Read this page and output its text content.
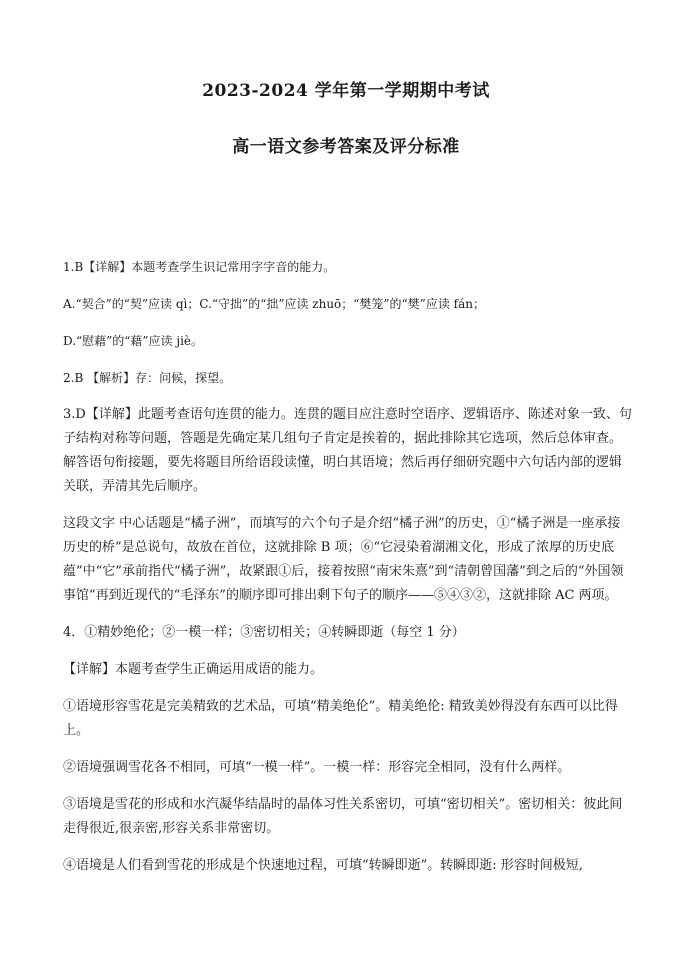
2023-2024 学年第一学期期中考试
高一语文参考答案及评分标准

1.B【详解】本题考查学生识记常用字字音的能力。

A.“契合”的“契”应读 qì；C.“守拙”的“拙”应读 zhuō；“樊笼”的“樊”应读 fán；

D.“慰藉”的“藉”应读 jiè。

2.B 【解析】存：问候，探望。

3.D【详解】此题考查语句连贯的能力。连贯的题目应注意时空语序、逻辑语序、陈述对象一致、句子结构对称等问题，答题是先确定某几组句子肯定是挨着的，据此排除其它选项，然后总体审查。解答语句衔接题，要先将题目所给语段读懂，明白其语境；然后再仔细研究题中六句话内部的逻辑关联，弄清其先后顺序。

这段文字 中心话题是“橘子洲”，而填写的六个句子是介绍“橘子洲”的历史，①“橘子洲是一座承接历史的桥”是总说句，故放在首位，这就排除 B 项；⑥“它浸染着湖湘文化，形成了浓厚的历史底蕴”中“它”承前指代“橘子洲”，故紧跟①后，接着按照“南宋朱熹”到“清朝曾国藩”到之后的“外国领事馆”再到近现代的“毛泽东”的顺序即可排出剩下句子的顺序——⑤④③②，这就排除 AC 两项。

4．①精妙绝伦；②一模一样；③密切相关；④转瞬即逝（每空 1 分）

【详解】本题考查学生正确运用成语的能力。

①语境形容雪花是完美精致的艺术品，可填“精美绝伦”。精美绝伦: 精致美妙得没有东西可以比得上。

②语境强调雪花各不相同，可填“一模一样”。一模一样：形容完全相同，没有什么两样。

③语境是雪花的形成和水汽凝华结晶时的晶体习性关系密切，可填“密切相关”。密切相关：彼此间走得很近,很亲密,形容关系非常密切。

④语境是人们看到雪花的形成是个快速地过程，可填“转瞬即逝”。转瞬即逝: 形容时间极短,
